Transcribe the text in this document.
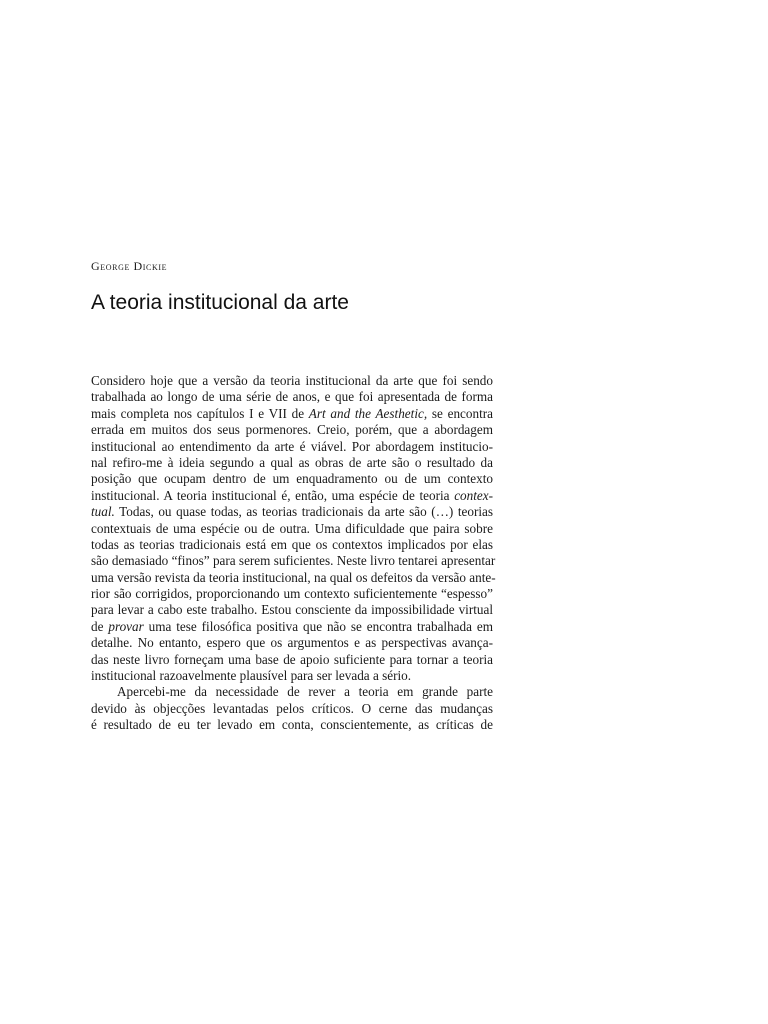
George Dickie
A teoria institucional da arte
Considero hoje que a versão da teoria institucional da arte que foi sendo
trabalhada ao longo de uma série de anos, e que foi apresentada de forma
mais completa nos capítulos I e VII de Art and the Aesthetic, se encontra
errada em muitos dos seus pormenores. Creio, porém, que a abordagem
institucional ao entendimento da arte é viável. Por abordagem institucio-
nal refiro-me à ideia segundo a qual as obras de arte são o resultado da
posição que ocupam dentro de um enquadramento ou de um contexto
institucional. A teoria institucional é, então, uma espécie de teoria contex-
tual. Todas, ou quase todas, as teorias tradicionais da arte são (…) teorias
contextuais de uma espécie ou de outra. Uma dificuldade que paira sobre
todas as teorias tradicionais está em que os contextos implicados por elas
são demasiado “finos” para serem suficientes. Neste livro tentarei apresentar
uma versão revista da teoria institucional, na qual os defeitos da versão ante-
rior são corrigidos, proporcionando um contexto suficientemente “espesso”
para levar a cabo este trabalho. Estou consciente da impossibilidade virtual
de provar uma tese filosófica positiva que não se encontra trabalhada em
detalhe. No entanto, espero que os argumentos e as perspectivas avança-
das neste livro forneçam uma base de apoio suficiente para tornar a teoria
institucional razoavelmente plausível para ser levada a sério.
Apercebi-me da necessidade de rever a teoria em grande parte
devido às objecções levantadas pelos críticos. O cerne das mudanças
é resultado de eu ter levado em conta, conscientemente, as críticas de
